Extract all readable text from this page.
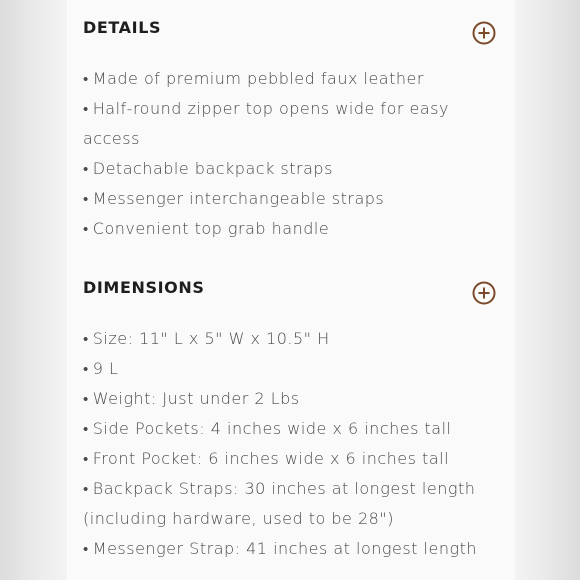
DETAILS
• Made of premium pebbled faux leather
• Half-round zipper top opens wide for easy access
• Detachable backpack straps
• Messenger interchangeable straps
• Convenient top grab handle
DIMENSIONS
• Size: 11" L x 5" W x 10.5" H
• 9 L
• Weight: Just under 2 Lbs
• Side Pockets: 4 inches wide x 6 inches tall
• Front Pocket: 6 inches wide x 6 inches tall
• Backpack Straps: 30 inches at longest length (including hardware, used to be 28")
• Messenger Strap: 41 inches at longest length
